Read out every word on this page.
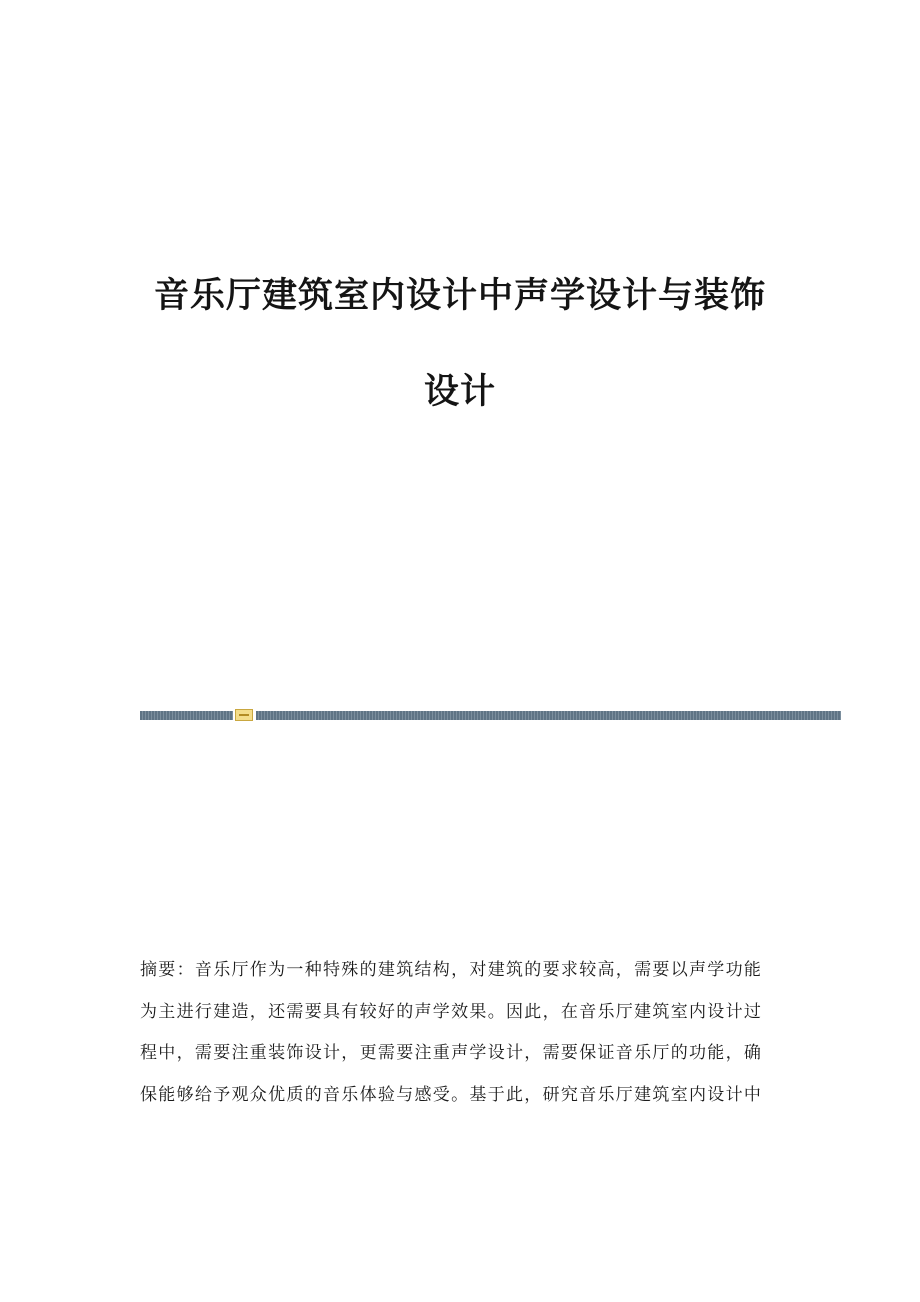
音乐厅建筑室内设计中声学设计与装饰
设计
摘要：音乐厅作为一种特殊的建筑结构，对建筑的要求较高，需要以声学功能
为主进行建造，还需要具有较好的声学效果。因此，在音乐厅建筑室内设计过
程中，需要注重装饰设计，更需要注重声学设计，需要保证音乐厅的功能，确
保能够给予观众优质的音乐体验与感受。基于此，研究音乐厅建筑室内设计中
